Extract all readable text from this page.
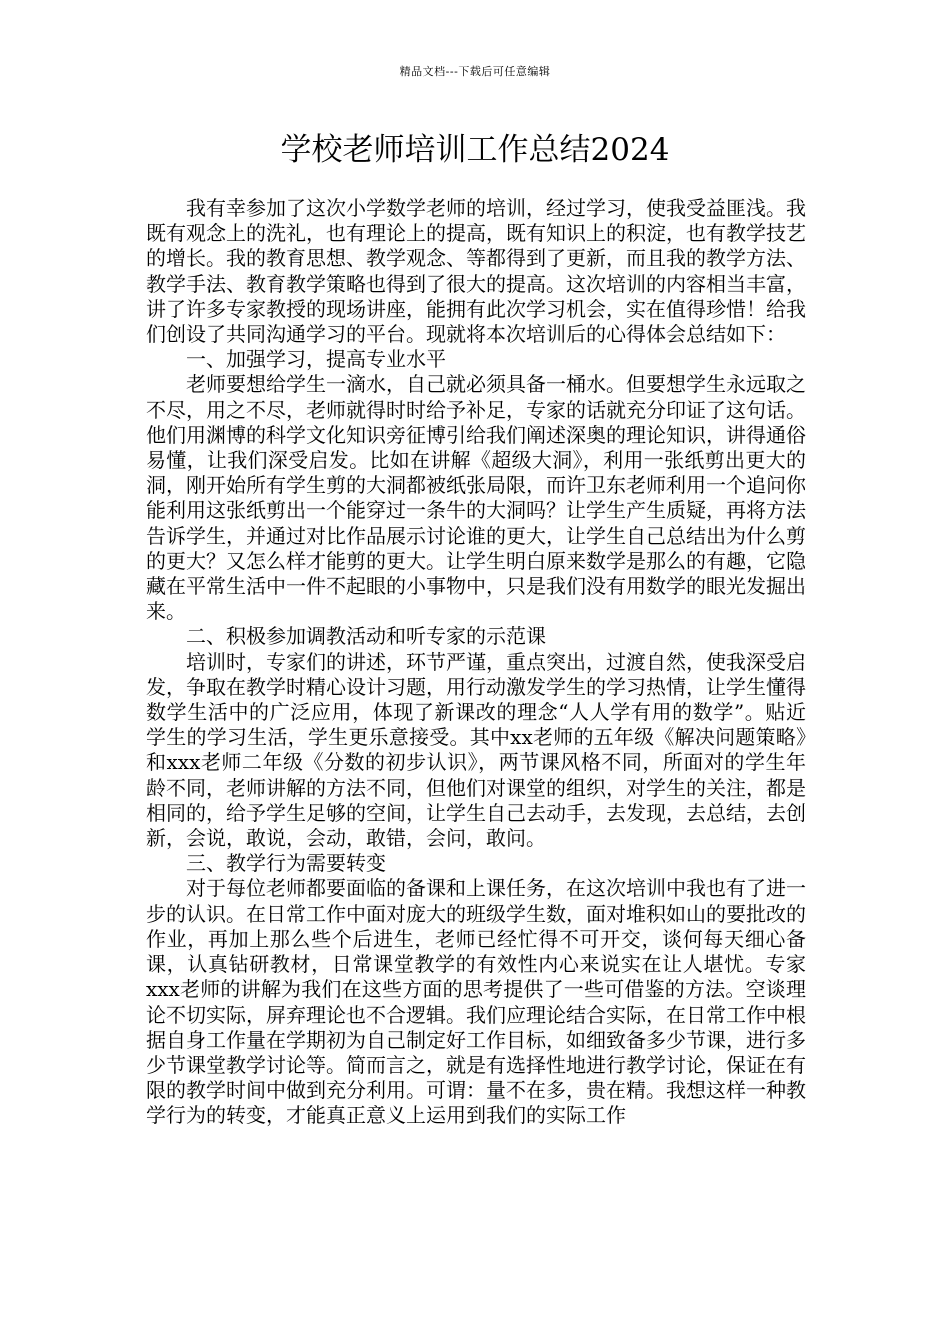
精品文档---下载后可任意编辑
学校老师培训工作总结2024

我有幸参加了这次小学数学老师的培训，经过学习，使我受益匪浅。我既有观念上的洗礼，也有理论上的提高，既有知识上的积淀，也有教学技艺的增长。我的教育思想、教学观念、等都得到了更新，而且我的教学方法、教学手法、教育教学策略也得到了很大的提高。这次培训的内容相当丰富，讲了许多专家教授的现场讲座，能拥有此次学习机会，实在值得珍惜！给我们创设了共同沟通学习的平台。现就将本次培训后的心得体会总结如下：

一、加强学习，提高专业水平

老师要想给学生一滴水，自己就必须具备一桶水。但要想学生永远取之不尽，用之不尽，老师就得时时给予补足，专家的话就充分印证了这句话。他们用渊博的科学文化知识旁征博引给我们阐述深奥的理论知识，讲得通俗易懂，让我们深受启发。比如在讲解《超级大洞》，利用一张纸剪出更大的洞，刚开始所有学生剪的大洞都被纸张局限，而许卫东老师利用一个追问你能利用这张纸剪出一个能穿过一条牛的大洞吗？让学生产生质疑，再将方法告诉学生，并通过对比作品展示讨论谁的更大，让学生自己总结出为什么剪的更大？又怎么样才能剪的更大。让学生明白原来数学是那么的有趣，它隐藏在平常生活中一件不起眼的小事物中，只是我们没有用数学的眼光发掘出来。

二、积极参加调教活动和听专家的示范课

培训时，专家们的讲述，环节严谨，重点突出，过渡自然，使我深受启发，争取在教学时精心设计习题，用行动激发学生的学习热情，让学生懂得数学生活中的广泛应用，体现了新课改的理念“人人学有用的数学”。贴近学生的学习生活，学生更乐意接受。其中xx老师的五年级《解决问题策略》和xxx老师二年级《分数的初步认识》，两节课风格不同，所面对的学生年龄不同，老师讲解的方法不同，但他们对课堂的组织，对学生的关注，都是相同的，给予学生足够的空间，让学生自己去动手，去发现，去总结，去创新，会说，敢说，会动，敢错，会问，敢问。

三、教学行为需要转变

对于每位老师都要面临的备课和上课任务，在这次培训中我也有了进一步的认识。在日常工作中面对庞大的班级学生数，面对堆积如山的要批改的作业，再加上那么些个后进生，老师已经忙得不可开交，谈何每天细心备课，认真钻研教材，日常课堂教学的有效性内心来说实在让人堪忧。专家xxx老师的讲解为我们在这些方面的思考提供了一些可借鉴的方法。空谈理论不切实际，屏弃理论也不合逻辑。我们应理论结合实际，在日常工作中根据自身工作量在学期初为自己制定好工作目标，如细致备多少节课，进行多少节课堂教学讨论等。简而言之，就是有选择性地进行教学讨论，保证在有限的教学时间中做到充分利用。可谓：量不在多，贵在精。我想这样一种教学行为的转变，才能真正意义上运用到我们的实际工作
